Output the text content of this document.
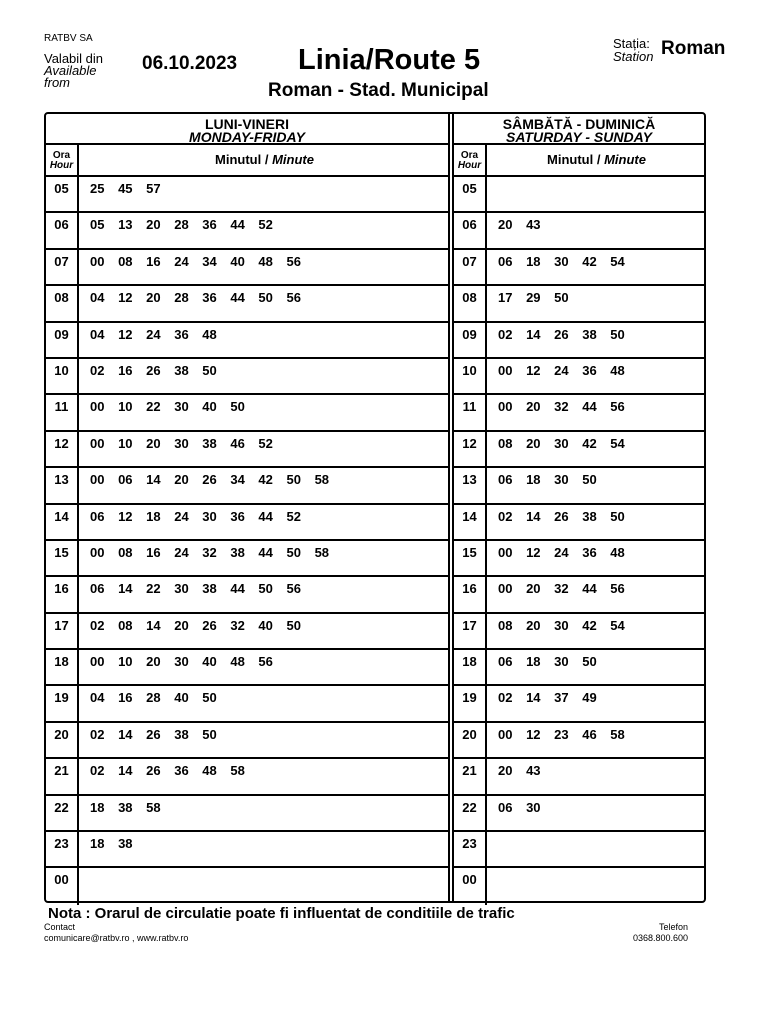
RATBV SA
Valabil din
Available
from
06.10.2023 Linia/Route 5
Roman - Stad. Municipal
Stația:
Station Roman
LUNI-VINERI
MONDAY-FRIDAY
Ora
Hour	Minutul / Minute
05	25 45 57
06	05 13 20 28 36 44 52
07	00 08 16 24 34 40 48 56
08	04 12 20 28 36 44 50 56
09	04 12 24 36 48
10	02 16 26 38 50
11	00 10 22 30 40 50
12	00 10 20 30 38 46 52
13	00 06 14 20 26 34 42 50 58
14	06 12 18 24 30 36 44 52
15	00 08 16 24 32 38 44 50 58
16	06 14 22 30 38 44 50 56
17	02 08 14 20 26 32 40 50
18	00 10 20 30 40 48 56
19	04 16 28 40 50
20	02 14 26 38 50
21	02 14 26 36 48 58
22	18 38 58
23	18 38
00
SÂMBĂTĂ - DUMINICĂ
SATURDAY - SUNDAY
Ora
Hour	Minutul / Minute
05
06	20 43
07	06 18 30 42 54
08	17 29 50
09	02 14 26 38 50
10	00 12 24 36 48
11	00 20 32 44 56
12	08 20 30 42 54
13	06 18 30 50
14	02 14 26 38 50
15	00 12 24 36 48
16	00 20 32 44 56
17	08 20 30 42 54
18	06 18 30 50
19	02 14 37 49
20	00 12 23 46 58
21	20 43
22	06 30
23
00
Nota : Orarul de circulatie poate fi influentat de conditiile de trafic
Contact
comunicare@ratbv.ro , www.ratbv.ro
Telefon
0368.800.600
